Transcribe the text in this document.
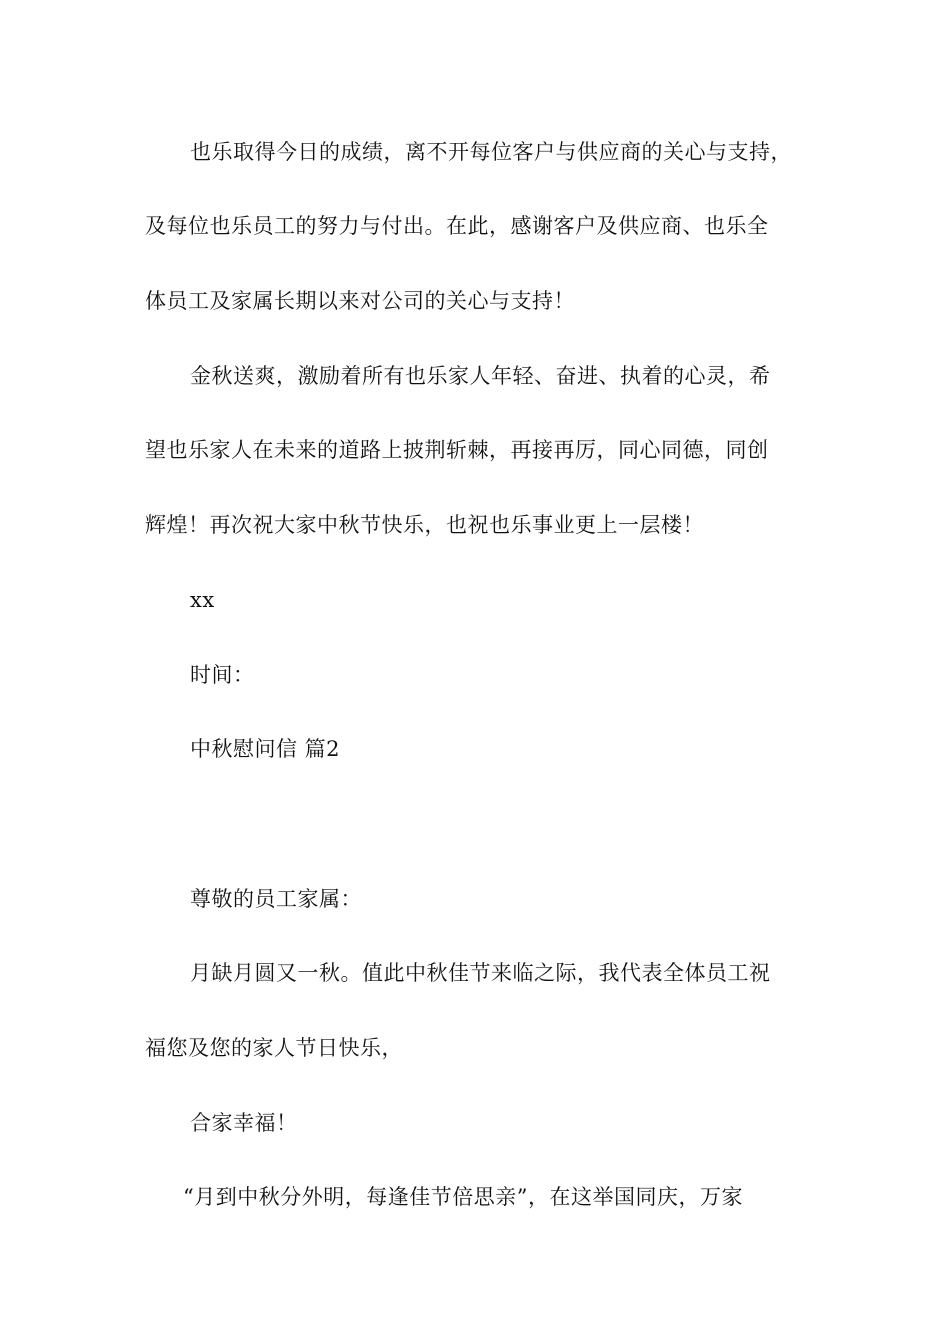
也乐取得今日的成绩，离不开每位客户与供应商的关心与支持，
及每位也乐员工的努力与付出。在此，感谢客户及供应商、也乐全
体员工及家属长期以来对公司的关心与支持！
金秋送爽，激励着所有也乐家人年轻、奋进、执着的心灵，希
望也乐家人在未来的道路上披荆斩棘，再接再厉，同心同德，同创
辉煌！再次祝大家中秋节快乐，也祝也乐事业更上一层楼！
xx
时间：
中秋慰问信 篇2
尊敬的员工家属：
月缺月圆又一秋。值此中秋佳节来临之际，我代表全体员工祝
福您及您的家人节日快乐，
合家幸福！
“月到中秋分外明，每逢佳节倍思亲”，在这举国同庆，万家
